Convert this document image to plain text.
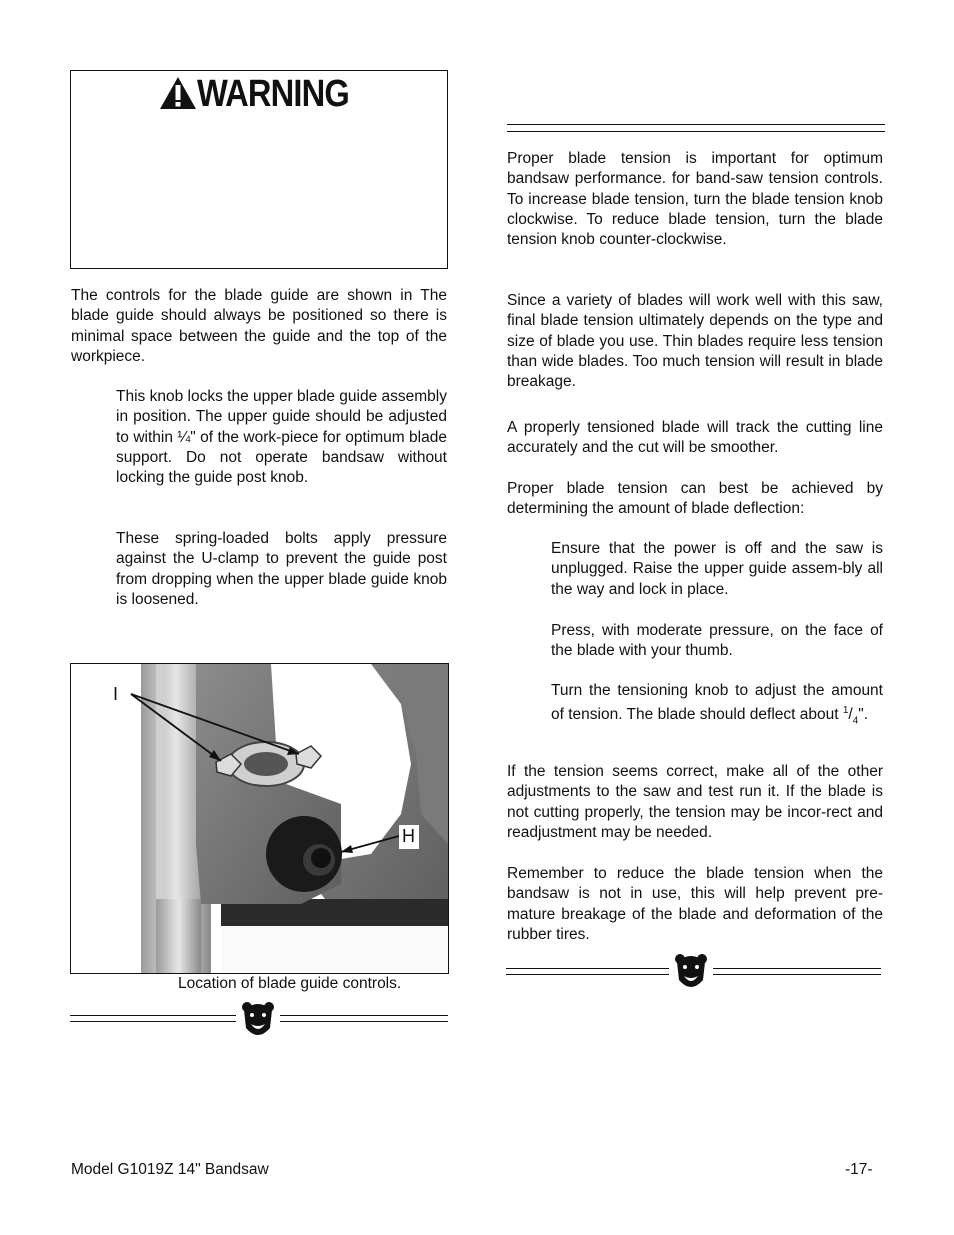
WARNING

The controls for the blade guide are shown in The blade guide should always be positioned so there is minimal space between the guide and the top of the workpiece.

This knob locks the upper blade guide assembly in position. The upper guide should be adjusted to within ¼" of the work-piece for optimum blade support. Do not operate bandsaw without locking the guide post knob.

These spring-loaded bolts apply pressure against the U-clamp to prevent the guide post from dropping when the upper blade guide knob is loosened.

I
H
Location of blade guide controls.

Proper blade tension is important for optimum bandsaw performance. for band-saw tension controls. To increase blade tension, turn the blade tension knob clockwise. To reduce blade tension, turn the blade tension knob counter-clockwise.

Since a variety of blades will work well with this saw, final blade tension ultimately depends on the type and size of blade you use. Thin blades require less tension than wide blades. Too much tension will result in blade breakage.

A properly tensioned blade will track the cutting line accurately and the cut will be smoother.

Proper blade tension can best be achieved by determining the amount of blade deflection:

Ensure that the power is off and the saw is unplugged. Raise the upper guide assem-bly all the way and lock in place.

Press, with moderate pressure, on the face of the blade with your thumb.

Turn the tensioning knob to adjust the amount of tension. The blade should deflect about $^1/_4$".

If the tension seems correct, make all of the other adjustments to the saw and test run it. If the blade is not cutting properly, the tension may be incor-rect and readjustment may be needed.

Remember to reduce the blade tension when the bandsaw is not in use, this will help prevent pre-mature breakage of the blade and deformation of the rubber tires.

Model G1019Z 14" Bandsaw	-17-
